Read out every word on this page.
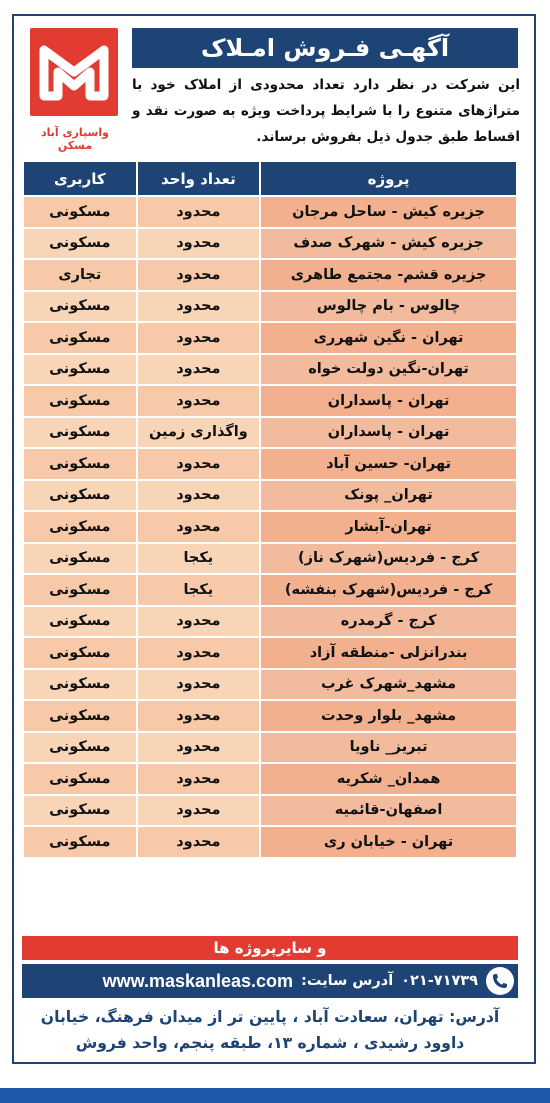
واسپاری آباد مسکن
آگهـی فـروش امـلاک
این شرکت در نظر دارد تعداد محدودی از املاک خود با متراژهای متنوع را با شرایط پرداخت ویژه به صورت نقد و اقساط طبق جدول ذیل بفروش برساند.
پروژه	تعداد واحد	کاربری
جزیره کیش - ساحل مرجان	محدود	مسکونی
جزیره کیش - شهرک صدف	محدود	مسکونی
جزیره قشم- مجتمع طاهری	محدود	تجاری
چالوس - بام چالوس	محدود	مسکونی
تهران - نگین شهرری	محدود	مسکونی
تهران-نگین دولت خواه	محدود	مسکونی
تهران - پاسداران	محدود	مسکونی
تهران - پاسداران	واگذاری زمین	مسکونی
تهران- حسین آباد	محدود	مسکونی
تهران_ پونک	محدود	مسکونی
تهران-آبشار	محدود	مسکونی
کرج - فردیس(شهرک ناز)	یکجا	مسکونی
کرج - فردیس(شهرک بنفشه)	یکجا	مسکونی
کرج - گرمدره	محدود	مسکونی
بندرانزلی -منطقه آزاد	محدود	مسکونی
مشهد_شهرک غرب	محدود	مسکونی
مشهد_ بلوار وحدت	محدود	مسکونی
تبریز_ ناویا	محدود	مسکونی
همدان_ شکریه	محدود	مسکونی
اصفهان-قائمیه	محدود	مسکونی
تهران - خیابان ری	محدود	مسکونی
و سایرپروژه ها
۰۲۱-۷۱۷۳۹
آدرس سایت:
www.maskanleas.com
آدرس: تهران، سعادت آباد ، پایین تر از میدان فرهنگ، خیابان داوود رشیدی ، شماره ۱۳، طبقه پنجم، واحد فروش
